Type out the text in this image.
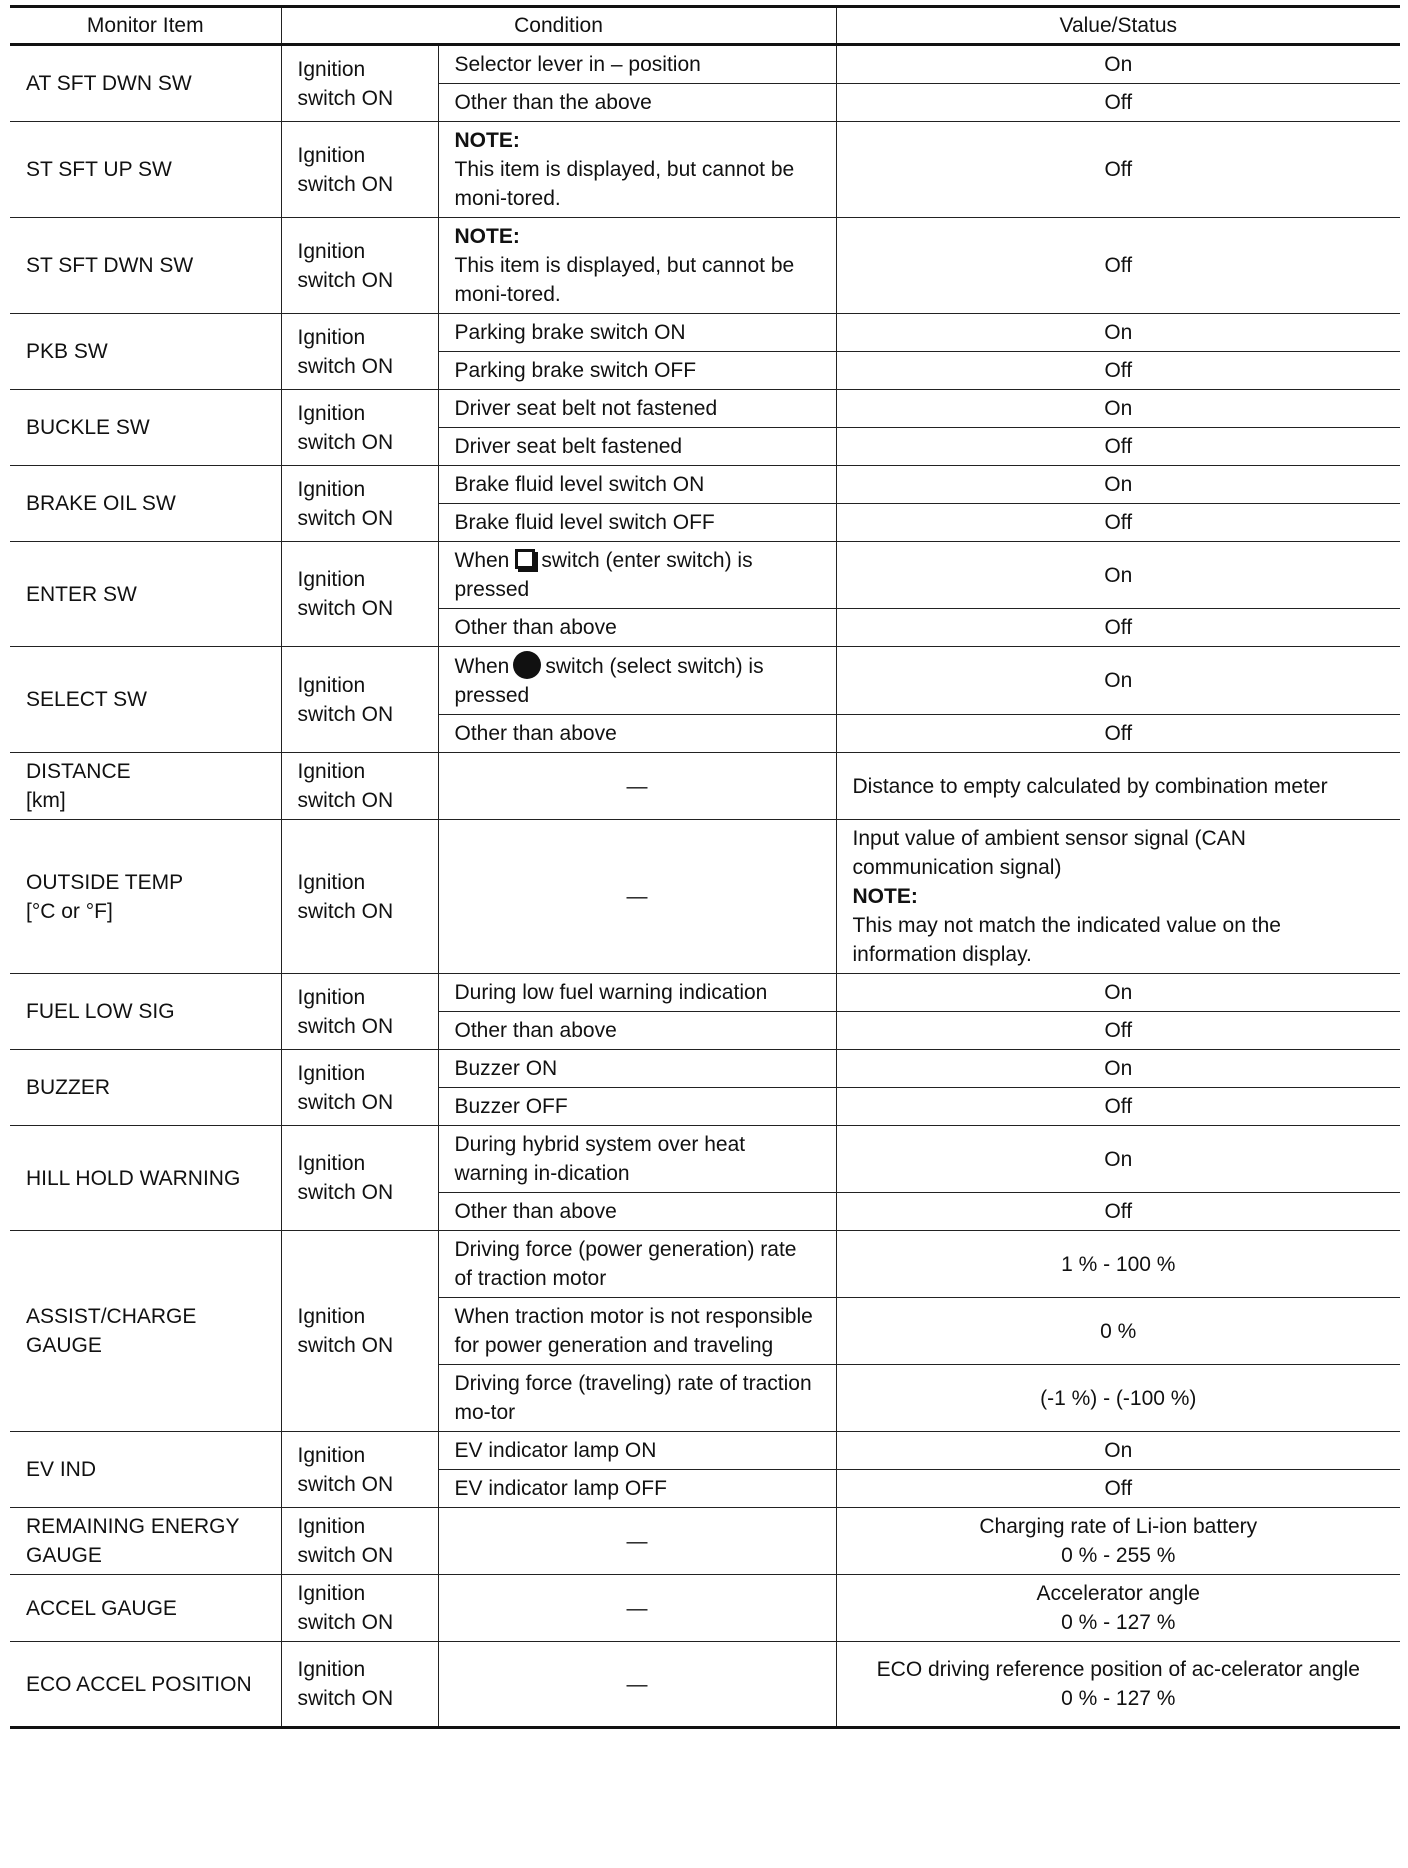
Monitor Item	Condition		Value/Status
AT SFT DWN SW	Ignition switch ON	Selector lever in – position	On
		Other than the above	Off
ST SFT UP SW	Ignition switch ON	NOTE:
This item is displayed, but cannot be moni-tored.	Off
ST SFT DWN SW	Ignition switch ON	NOTE:
This item is displayed, but cannot be moni-tored.	Off
PKB SW	Ignition switch ON	Parking brake switch ON	On
		Parking brake switch OFF	Off
BUCKLE SW	Ignition switch ON	Driver seat belt not fastened	On
		Driver seat belt fastened	Off
BRAKE OIL SW	Ignition switch ON	Brake fluid level switch ON	On
		Brake fluid level switch OFF	Off
ENTER SW	Ignition switch ON	When switch (enter switch) is pressed	On
		Other than above	Off
SELECT SW	Ignition switch ON	When switch (select switch) is pressed	On
		Other than above	Off

DISTANCE
[km]	Ignition switch ON	—	Distance to empty calculated by combination meter

OUTSIDE TEMP
[°C or °F]	Ignition switch ON	—	Input value of ambient sensor signal (CAN communication signal)
NOTE:
This may not match the indicated value on the information display.

FUEL LOW SIG	Ignition switch ON	During low fuel warning indication	On
		Other than above	Off
BUZZER	Ignition switch ON	Buzzer ON	On
		Buzzer OFF	Off
HILL HOLD WARNING	Ignition switch ON	During hybrid system over heat warning in-dication	On
		Other than above	Off
ASSIST/CHARGE GAUGE	Ignition switch ON	Driving force (power generation) rate of traction motor	1 % - 100 %
		When traction motor is not responsible for power generation and traveling	0 %
		Driving force (traveling) rate of traction mo-tor	(-1 %) - (-100 %)
EV IND	Ignition switch ON	EV indicator lamp ON	On
		EV indicator lamp OFF	Off

REMAINING ENERGY
GAUGE	Ignition switch ON	—	Charging rate of Li-ion battery
0 % - 255 %

ACCEL GAUGE	Ignition switch ON	—	Accelerator angle
0 % - 127 %

ECO ACCEL POSITION	Ignition switch ON	—	ECO driving reference position of ac-celerator angle
0 % - 127 %
